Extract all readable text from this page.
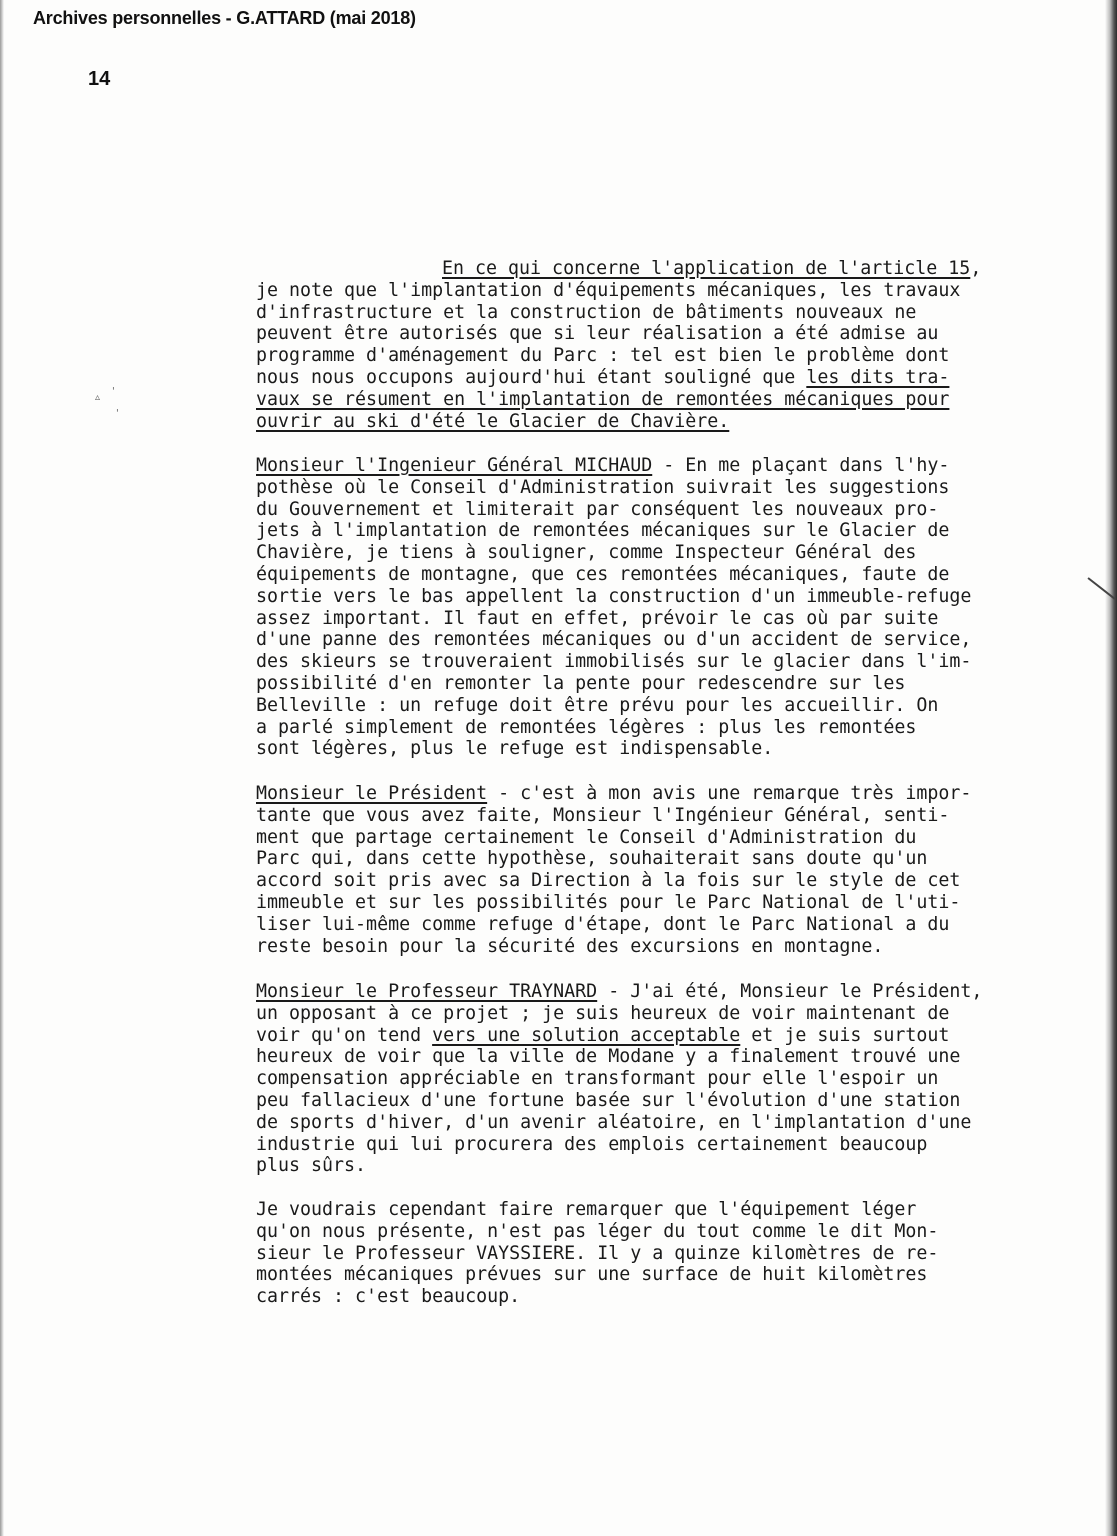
Archives personnelles - G.ATTARD (mai 2018)
14
▵
'
'
En ce qui concerne l'application de l'article 15,
je note que l'implantation d'équipements mécaniques, les travaux
d'infrastructure et la construction de bâtiments nouveaux ne
peuvent être autorisés que si leur réalisation a été admise au
programme d'aménagement du Parc : tel est bien le problème dont
nous nous occupons aujourd'hui étant souligné que les dits tra-
vaux se résument en l'implantation de remontées mécaniques pour
ouvrir au ski d'été le Glacier de Chavière.
Monsieur l'Ingenieur Général MICHAUD - En me plaçant dans l'hy-
pothèse où le Conseil d'Administration suivrait les suggestions
du Gouvernement et limiterait par conséquent les nouveaux pro-
jets à l'implantation de remontées mécaniques sur le Glacier de
Chavière, je tiens à souligner, comme Inspecteur Général des
équipements de montagne, que ces remontées mécaniques, faute de
sortie vers le bas appellent la construction d'un immeuble-refuge
assez important. Il faut en effet, prévoir le cas où par suite
d'une panne des remontées mécaniques ou d'un accident de service,
des skieurs se trouveraient immobilisés sur le glacier dans l'im-
possibilité d'en remonter la pente pour redescendre sur les
Belleville : un refuge doit être prévu pour les accueillir. On
a parlé simplement de remontées légères : plus les remontées
sont légères, plus le refuge est indispensable.
Monsieur le Président - c'est à mon avis une remarque très impor-
tante que vous avez faite, Monsieur l'Ingénieur Général, senti-
ment que partage certainement le Conseil d'Administration du
Parc qui, dans cette hypothèse, souhaiterait sans doute qu'un
accord soit pris avec sa Direction à la fois sur le style de cet
immeuble et sur les possibilités pour le Parc National de l'uti-
liser lui-même comme refuge d'étape, dont le Parc National a du
reste besoin pour la sécurité des excursions en montagne.
Monsieur le Professeur TRAYNARD - J'ai été, Monsieur le Président,
un opposant à ce projet ; je suis heureux de voir maintenant de
voir qu'on tend vers une solution acceptable et je suis surtout
heureux de voir que la ville de Modane y a finalement trouvé une
compensation appréciable en transformant pour elle l'espoir un
peu fallacieux d'une fortune basée sur l'évolution d'une station
de sports d'hiver, d'un avenir aléatoire, en l'implantation d'une
industrie qui lui procurera des emplois certainement beaucoup
plus sûrs.
Je voudrais cependant faire remarquer que l'équipement léger
qu'on nous présente, n'est pas léger du tout comme le dit Mon-
sieur le Professeur VAYSSIERE. Il y a quinze kilomètres de re-
montées mécaniques prévues sur une surface de huit kilomètres
carrés : c'est beaucoup.
